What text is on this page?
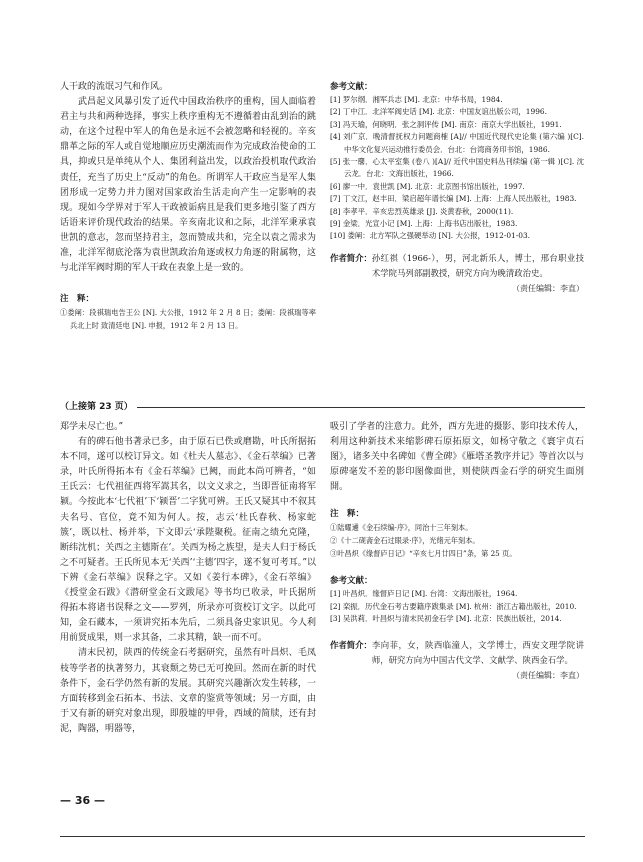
人干政的流氓习气和作风。

武昌起义风暴引发了近代中国政治秩序的重构，国人面临着君主与共和两种选择，事实上秩序重构无不遵循着由乱到治的跳动，在这个过程中军人的角色是永远不会被忽略和轻视的。辛亥鼎革之际的军人或自觉地顺应历史潮流而作为完成政治使命的工具，抑或只是单纯从个人、集团利益出发，以政治投机取代政治责任，充当了历史上“反动”的角色。所谓军人干政应当是军人集团形成一定势力并力图对国家政治生活走向产生一定影响的表现。现如今学界对于军人干政被诟病且是我们更多地引鉴了西方话语来评价现代政治的结果。辛亥南北议和之际，北洋军秉承袁世凯的意志，忽而坚持君主，忽而赞成共和，完全以袁之需求为准，北洋军彻底沦落为袁世凯政治角逐或权力角逐的附属物，这与北洋军阀时期的军人干政在表象上是一致的。

注　释：

①娄阐：段祺瑞电告王公 [N]. 大公报，1912 年 2 月 8 日；娄阐：段祺瑞等率兵北上时 致清廷电 [N]. 申报，1912 年 2 月 13 日。

参考文献：

[1] 罗尔纲．湘军兵志 [M]. 北京：中华书局，1984.

[2] 丁中江．北洋军阀史话 [M]. 北京：中国友谊出版公司，1996.

[3] 冯天瑜，何晓明．张之洞评传 [M]. 南京：南京大学出版社，1991.

[4] 刘广京．晚清督抚权力问题商榷 [A]// 中国近代现代史论集 (第六编 )[C]. 中华文化复兴运动推行委员会．台北：台湾商务印书馆，1986.

[5] 张一麐．心太平室集 (卷八 )[A]// 近代中国史料丛刊续编 (第一辑 )[C]. 沈云龙．台北：文海出版社，1966.

[6] 廖一中．袁世凯 [M]. 北京：北京图书馆出版社，1997.

[7] 丁文江，赵丰田．梁启超年谱长编 [M]. 上海：上海人民出版社，1983.

[8] 李孝平．辛亥忠烈英雄录 [J]. 炎黄春秋，2000(11).

[9] 金梁．光宣小记 [M]. 上海：上海书店出版社，1983.

[10] 娄阐：北方军队之强硬举动 [N]. 大公报，1912-01-03.

作者简介： 孙红祺（1966-），男，河北新乐人，博士，邢台职业技术学院马列部副教授，研究方向为晚清政治史。

（责任编辑：李直）

（上接第 23 页）

郑学未尽亡也。”

有的碑石他书著录已多，由于原石已佚或磨勘，叶氏所据拓本不同，遂可以校订异文。如《杜夫人墓志》、《金石萃编》已著录，叶氏所得拓本有《金石萃编》已阙，而此本尚可辨者，“如王氏云：七代祖征西将军嵩其名，以文义求之，当即晋征南将军颍。今按此本‘七代祖’下‘颍晋’二字犹可辨。王氏又疑其中不叙其夫名号、官位，竟不知为何人。按，志云‘杜氏春秋、杨家蛇簇’，既以杜、杨并举，下文即云‘承陛聚税。征南之绩允克隆，断纬沈机；关西之主德斯在’。关西为杨之族望，是夫人归于杨氏之不可疑者。王氏所见本无‘关西’‘主德’四字，遂不复可考耳。”以下辨《金石萃编》误释之字。又如《姜行本碑》，《金石萃编》《授堂金石跋》《潜研堂金石文跋尾》等书均已收录，叶氏据所得拓本将诸书误释之文——罗列，所录亦可资校订文字。以此可知，金石藏本，一须讲究拓本先后，二须具备史家识见。今人利用前贤成果，则一求其备，二求其精，缺一而不可。

清末民初，陕西的传统金石考据研究，虽然有叶昌炽、毛凤枝等学者的执著努力，其衰颓之势已无可挽回。然而在新的时代条件下，金石学仍然有新的发展。其研究兴趣渐次发生转移，一方面转移到金石拓本、书法、文章的鉴赏等领域；另一方面，由于又有新的研究对象出现，即殷墟的甲骨，西域的简牍，还有封泥，陶器，明器等，

吸引了学者的注意力。此外，西方先进的摄影、影印技术传人，利用这种新技术来缩影碑石原拓原文，如杨守敬之《寰宇贞石图》，诸多关中名碑如《曹全碑》《雁塔圣教序并记》等首次以与原碑毫发不差的影印图像面世，则使陕西金石学的研究生面別開。

注　释：

①陆耀遹《金石续编·序》，同治十三年刻本。

②《十二砚斋金石过眼录·序》，光绪元年刻本。

③叶昌炽《缘督庐日记》“辛亥七月廿四日”条，第 25 页。

参考文献：

[1] 叶昌炽．缘督庐日记 [M]. 台湾：文海出版社，1964.

[2] 栾振．历代金石考古要籍序跋集录 [M]. 杭州：浙江古籍出版社，2010.

[3] 吴洪莉．叶昌炽与清末民初金石学 [M]. 北京：民族出版社，2014.

作者简介： 李向菲，女，陕西临潼人，文学博士，西安文理学院讲师，研究方向为中国古代文学、文献学、陕西金石学。

（责任编辑：李直）

— 36 —
